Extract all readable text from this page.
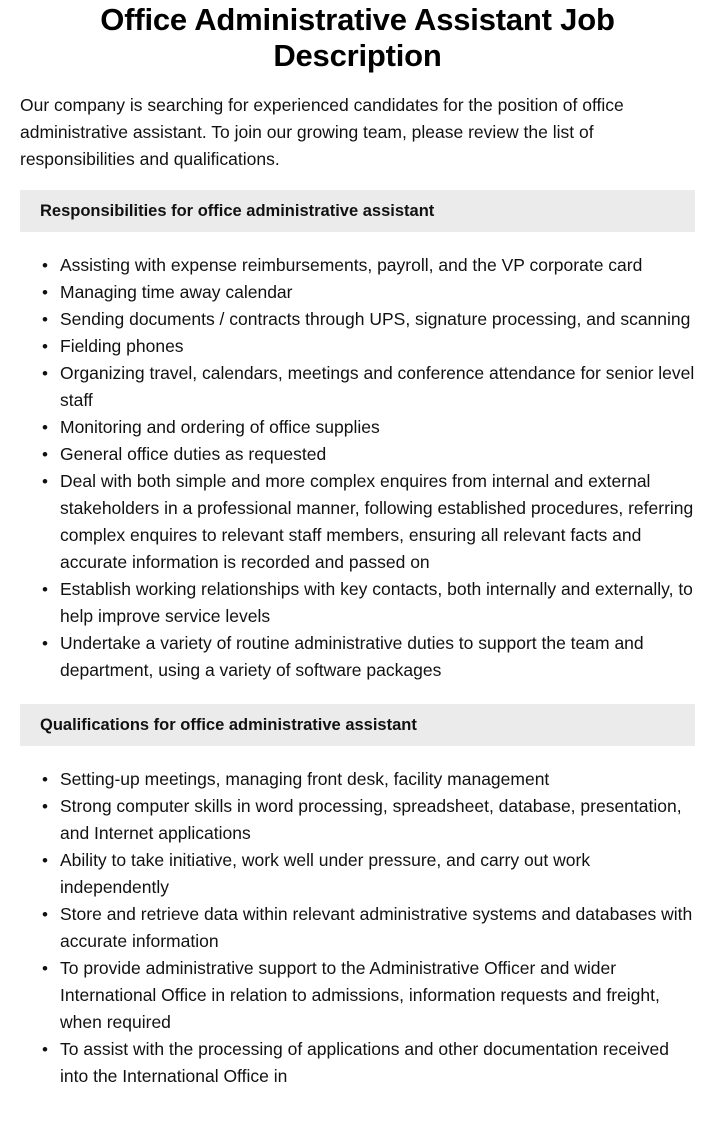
Office Administrative Assistant Job Description

Our company is searching for experienced candidates for the position of office administrative assistant. To join our growing team, please review the list of responsibilities and qualifications.

Responsibilities for office administrative assistant
• Assisting with expense reimbursements, payroll, and the VP corporate card
• Managing time away calendar
• Sending documents / contracts through UPS, signature processing, and scanning
• Fielding phones
• Organizing travel, calendars, meetings and conference attendance for senior level staff
• Monitoring and ordering of office supplies
• General office duties as requested
• Deal with both simple and more complex enquires from internal and external stakeholders in a professional manner, following established procedures, referring complex enquires to relevant staff members, ensuring all relevant facts and accurate information is recorded and passed on
• Establish working relationships with key contacts, both internally and externally, to help improve service levels
• Undertake a variety of routine administrative duties to support the team and department, using a variety of software packages
Qualifications for office administrative assistant
• Setting-up meetings, managing front desk, facility management
• Strong computer skills in word processing, spreadsheet, database, presentation, and Internet applications
• Ability to take initiative, work well under pressure, and carry out work independently
• Store and retrieve data within relevant administrative systems and databases with accurate information
• To provide administrative support to the Administrative Officer and wider International Office in relation to admissions, information requests and freight, when required
• To assist with the processing of applications and other documentation received into the International Office in
